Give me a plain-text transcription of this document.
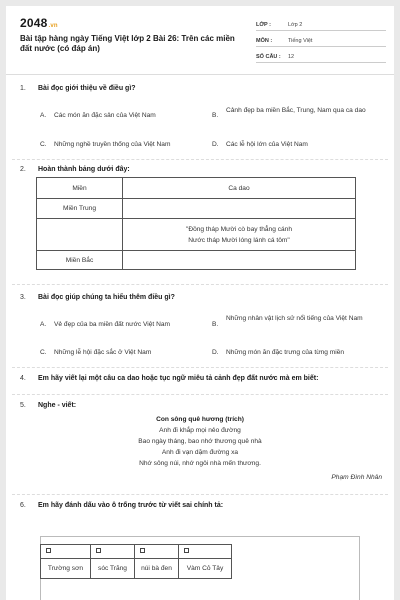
2048.vn
Bài tập hàng ngày Tiếng Việt lớp 2 Bài 26: Trên các miền đất nước (có đáp án)
LỚP :	Lớp 2
MÔN :	Tiếng Việt
SỐ CÂU :	12
1.	Bài đọc giới thiệu về điều gì?
A. Các món ăn đặc sản của Việt Nam	B.
Cảnh đẹp ba miền Bắc, Trung, Nam qua ca dao
C. Những nghề truyền thống của Việt Nam	D. Các lễ hội lớn của Việt Nam
2.	Hoàn thành bảng dưới đây:
Miền	Ca dao
Miền Trung	

	"Đồng tháp Mười cò bay thẳng cánh
Nước tháp Mười lóng lánh cá tôm"

Miền Bắc	
3.	Bài đọc giúp chúng ta hiểu thêm điều gì?
A. Vẻ đẹp của ba miền đất nước Việt Nam	B.
Những nhân vật lịch sử nổi tiếng của Việt Nam
C. Những lễ hội đặc sắc ở Việt Nam	D. Những món ăn đặc trưng của từng miền
4.	Em hãy viết lại một câu ca dao hoặc tục ngữ miêu tả cảnh đẹp đất nước mà em biết:
5.	Nghe - viết:
Con sông quê hương (trích)
Anh đi khắp mọi nẻo đường
Bao ngày tháng, bao nhớ thương quê nhà
Anh đi vạn dặm đường xa
Nhớ sông núi, nhớ ngôi nhà mến thương.
Phạm Đình Nhân
6.	Em hãy đánh dấu vào ô trống trước từ viết sai chính tả:

Trường sơn	sóc Trăng	núi bà đen	Vàm Cỏ Tây
